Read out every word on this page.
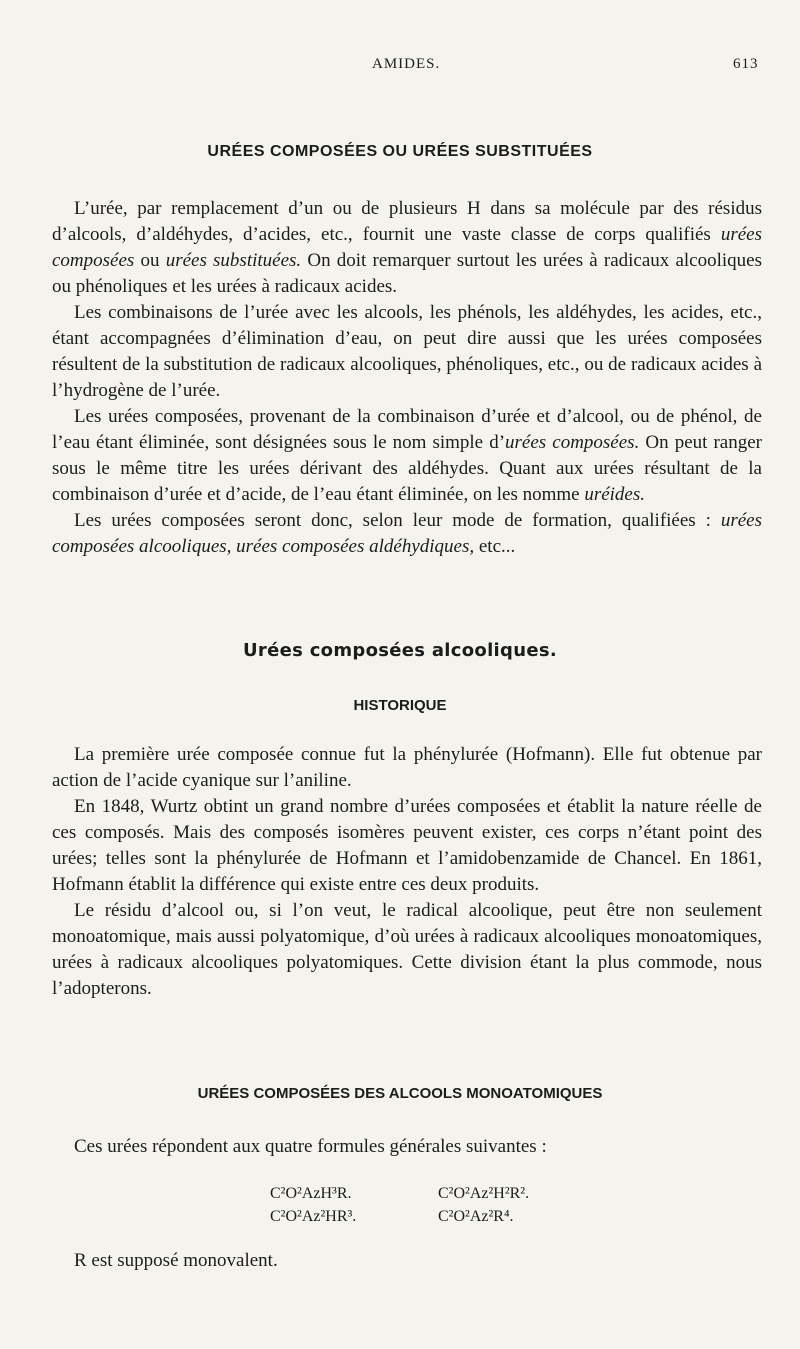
AMIDES.	613
URÉES COMPOSÉES OU URÉES SUBSTITUÉES

L’urée, par remplacement d’un ou de plusieurs H dans sa molécule par des résidus d’alcools, d’aldéhydes, d’acides, etc., fournit une vaste classe de corps qualifiés urées composées ou urées substituées. On doit remarquer surtout les urées à radicaux alcooliques ou phénoliques et les urées à radicaux acides.

Les combinaisons de l’urée avec les alcools, les phénols, les aldéhydes, les acides, etc., étant accompagnées d’élimination d’eau, on peut dire aussi que les urées composées résultent de la substitution de radicaux alcooliques, phénoliques, etc., ou de radicaux acides à l’hydrogène de l’urée.

Les urées composées, provenant de la combinaison d’urée et d’alcool, ou de phénol, de l’eau étant éliminée, sont désignées sous le nom simple d’urées composées. On peut ranger sous le même titre les urées dérivant des aldéhydes. Quant aux urées résultant de la combinaison d’urée et d’acide, de l’eau étant éliminée, on les nomme uréides.

Les urées composées seront donc, selon leur mode de formation, qualifiées : urées composées alcooliques, urées composées aldéhydiques, etc...

Urées composées alcooliques.
HISTORIQUE

La première urée composée connue fut la phénylurée (Hofmann). Elle fut obtenue par action de l’acide cyanique sur l’aniline.

En 1848, Wurtz obtint un grand nombre d’urées composées et établit la nature réelle de ces composés. Mais des composés isomères peuvent exister, ces corps n’étant point des urées; telles sont la phénylurée de Hofmann et l’amidobenzamide de Chancel. En 1861, Hofmann établit la différence qui existe entre ces deux produits.

Le résidu d’alcool ou, si l’on veut, le radical alcoolique, peut être non seulement monoatomique, mais aussi polyatomique, d’où urées à radicaux alcooliques monoatomiques, urées à radicaux alcooliques polyatomiques. Cette division étant la plus commode, nous l’adopterons.

URÉES COMPOSÉES DES ALCOOLS MONOATOMIQUES

Ces urées répondent aux quatre formules générales suivantes :

C²O²AzH³R.	C²O²Az²H²R².
C²O²Az²HR³.	C²O²Az²R⁴.
R est supposé monovalent.
